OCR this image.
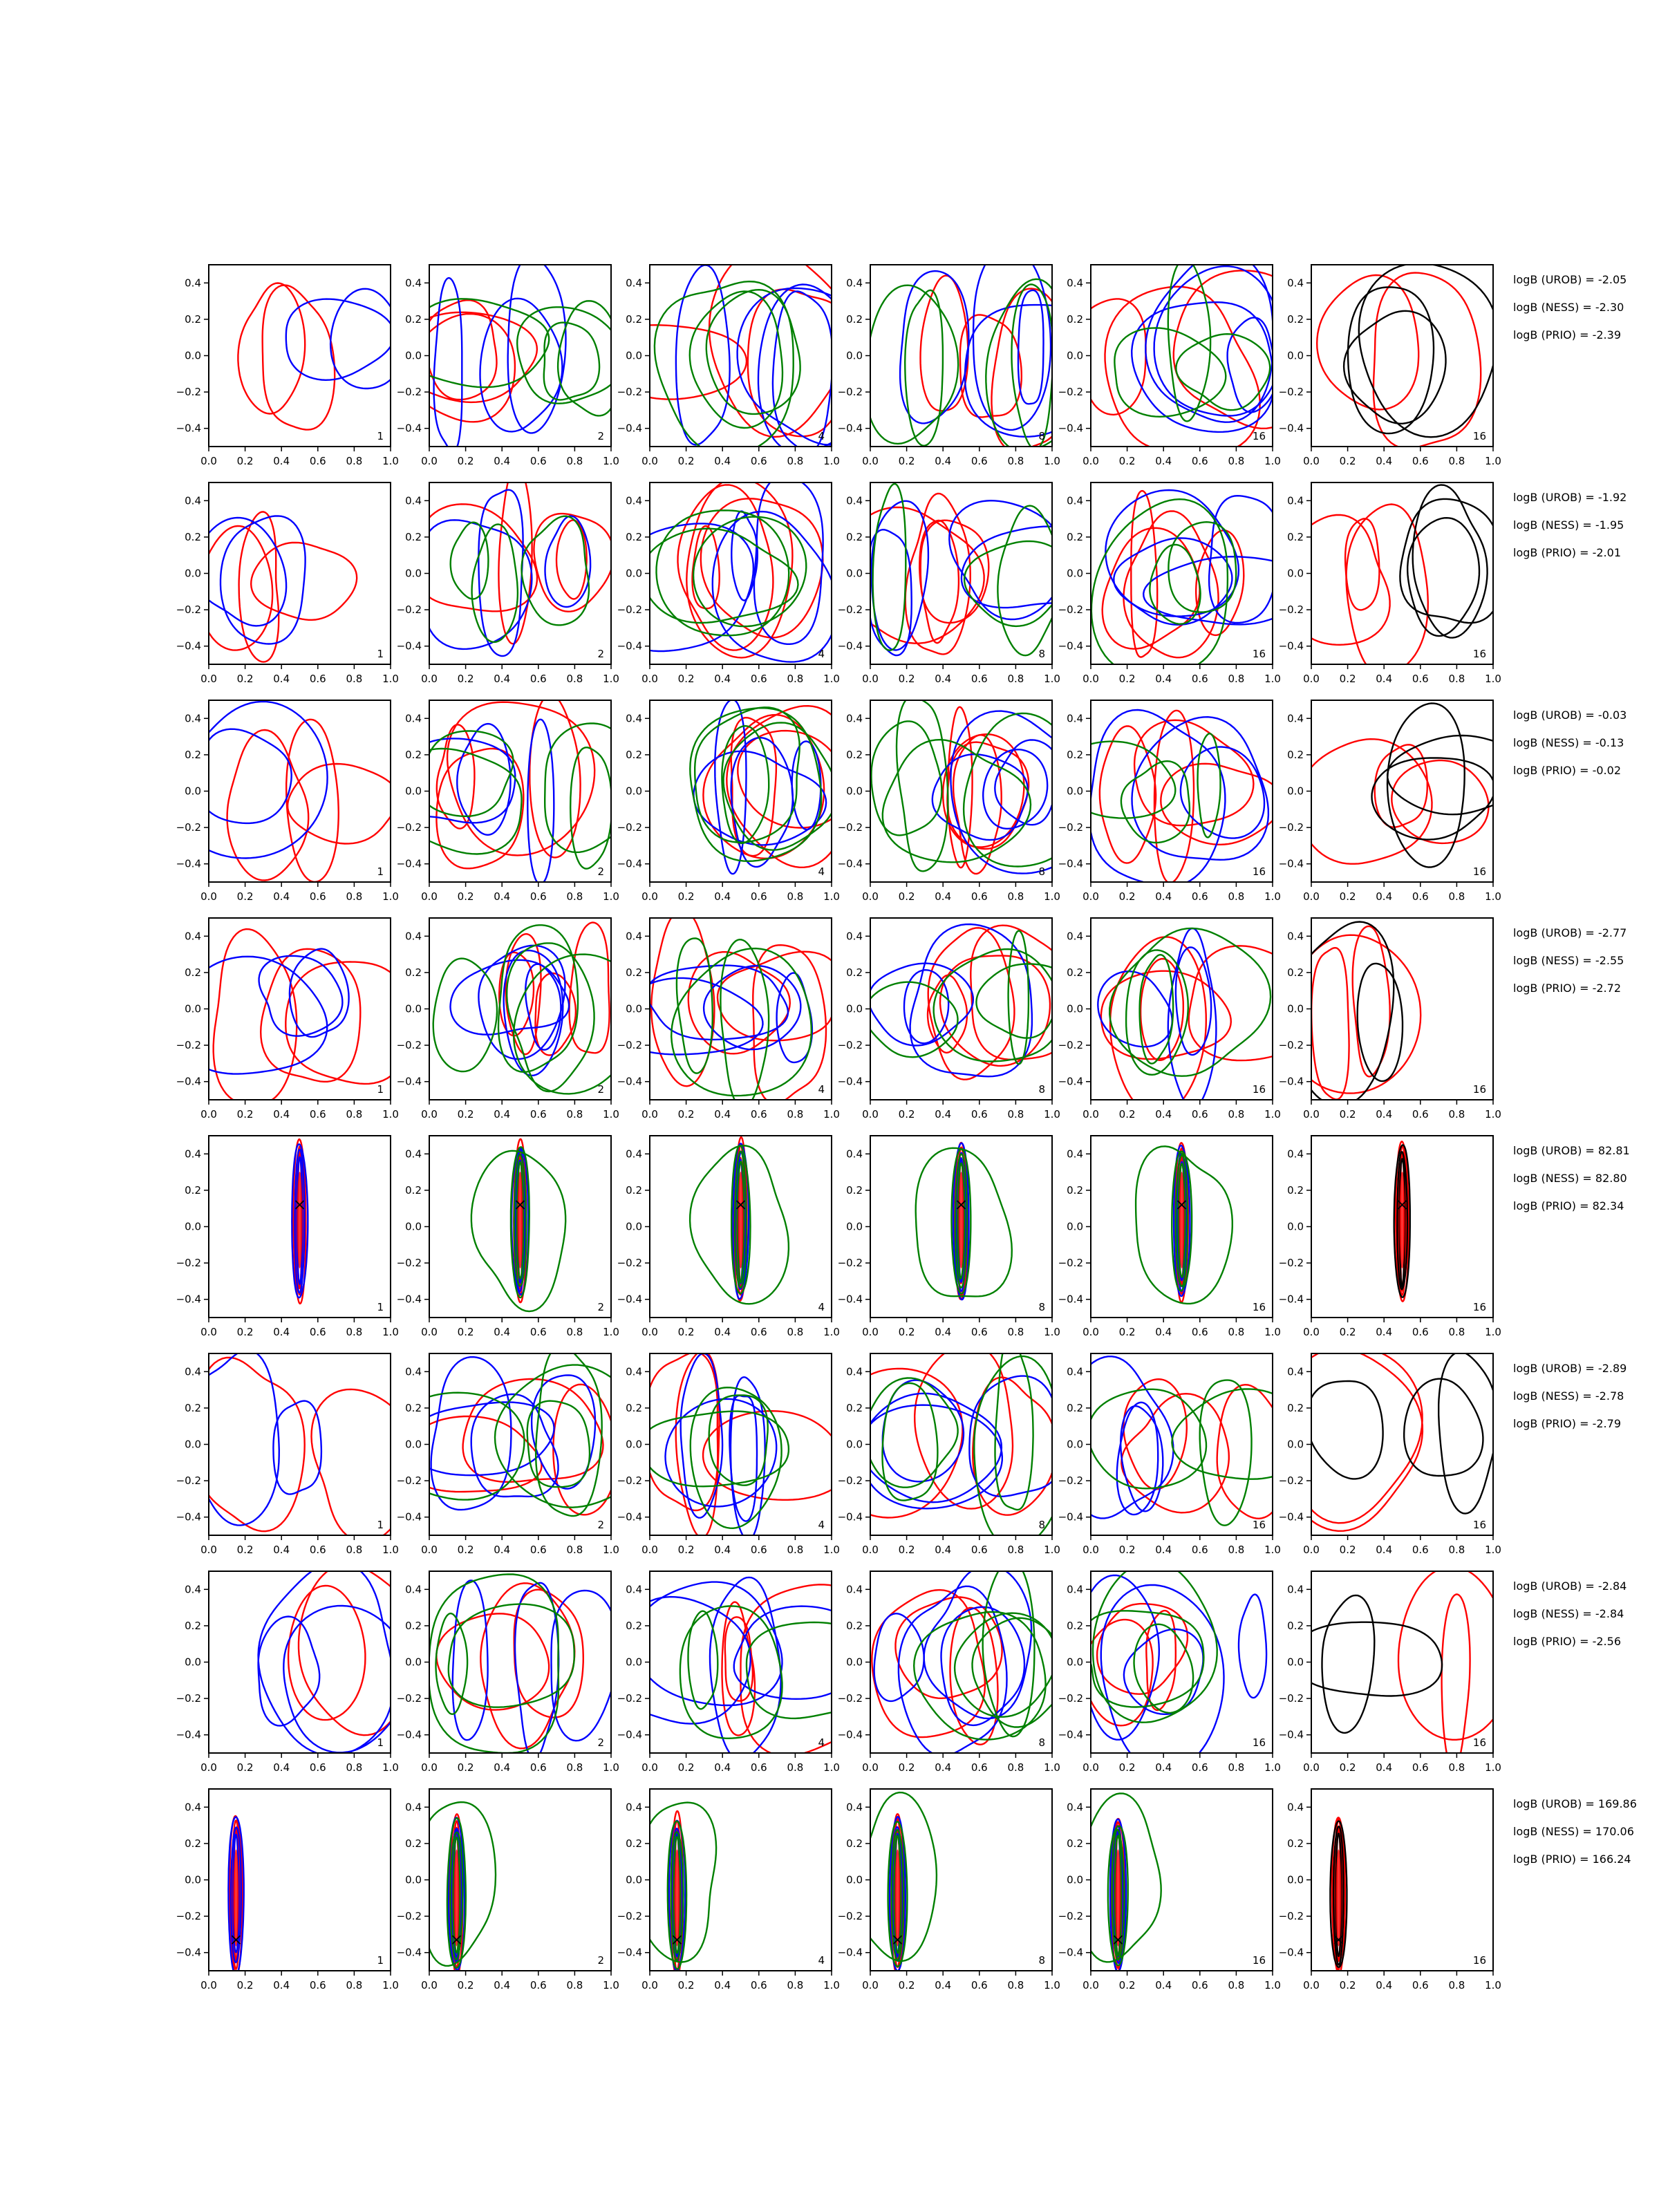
0.0 0.2 0.4 0.6 0.8 1.0
0.4
0.2
0.0
−0.2
−0.4
1
0.0 0.2 0.4 0.6 0.8 1.0
0.4
0.2
0.0
−0.2
−0.4
2
0.0 0.2 0.4 0.6 0.8 1.0
0.4
0.2
0.0
−0.2
−0.4
4
0.0 0.2 0.4 0.6 0.8 1.0
0.4
0.2
0.0
−0.2
−0.4
8
0.0 0.2 0.4 0.6 0.8 1.0
0.4
0.2
0.0
−0.2
−0.4
16
0.0 0.2 0.4 0.6 0.8 1.0
0.4
0.2
0.0
−0.2
−0.4
16
logB (UROB) = -2.05
logB (NESS) = -2.30
logB (PRIO) = -2.39
0.0 0.2 0.4 0.6 0.8 1.0
0.4
0.2
0.0
−0.2
−0.4
1
0.0 0.2 0.4 0.6 0.8 1.0
0.4
0.2
0.0
−0.2
−0.4
2
0.0 0.2 0.4 0.6 0.8 1.0
0.4
0.2
0.0
−0.2
−0.4
4
0.0 0.2 0.4 0.6 0.8 1.0
0.4
0.2
0.0
−0.2
−0.4
8
0.0 0.2 0.4 0.6 0.8 1.0
0.4
0.2
0.0
−0.2
−0.4
16
0.0 0.2 0.4 0.6 0.8 1.0
0.4
0.2
0.0
−0.2
−0.4
16
logB (UROB) = -1.92
logB (NESS) = -1.95
logB (PRIO) = -2.01
0.0 0.2 0.4 0.6 0.8 1.0
0.4
0.2
0.0
−0.2
−0.4
1
0.0 0.2 0.4 0.6 0.8 1.0
0.4
0.2
0.0
−0.2
−0.4
2
0.0 0.2 0.4 0.6 0.8 1.0
0.4
0.2
0.0
−0.2
−0.4
4
0.0 0.2 0.4 0.6 0.8 1.0
0.4
0.2
0.0
−0.2
−0.4
8
0.0 0.2 0.4 0.6 0.8 1.0
0.4
0.2
0.0
−0.2
−0.4
16
0.0 0.2 0.4 0.6 0.8 1.0
0.4
0.2
0.0
−0.2
−0.4
16
logB (UROB) = -0.03
logB (NESS) = -0.13
logB (PRIO) = -0.02
0.0 0.2 0.4 0.6 0.8 1.0
0.4
0.2
0.0
−0.2
−0.4
1
0.0 0.2 0.4 0.6 0.8 1.0
0.4
0.2
0.0
−0.2
−0.4
2
0.0 0.2 0.4 0.6 0.8 1.0
0.4
0.2
0.0
−0.2
−0.4
4
0.0 0.2 0.4 0.6 0.8 1.0
0.4
0.2
0.0
−0.2
−0.4
8
0.0 0.2 0.4 0.6 0.8 1.0
0.4
0.2
0.0
−0.2
−0.4
16
0.0 0.2 0.4 0.6 0.8 1.0
0.4
0.2
0.0
−0.2
−0.4
16
logB (UROB) = -2.77
logB (NESS) = -2.55
logB (PRIO) = -2.72
0.0 0.2 0.4 0.6 0.8 1.0
0.4
0.2
0.0
−0.2
−0.4
1
0.0 0.2 0.4 0.6 0.8 1.0
0.4
0.2
0.0
−0.2
−0.4
2
0.0 0.2 0.4 0.6 0.8 1.0
0.4
0.2
0.0
−0.2
−0.4
4
0.0 0.2 0.4 0.6 0.8 1.0
0.4
0.2
0.0
−0.2
−0.4
8
0.0 0.2 0.4 0.6 0.8 1.0
0.4
0.2
0.0
−0.2
−0.4
16
0.0 0.2 0.4 0.6 0.8 1.0
0.4
0.2
0.0
−0.2
−0.4
16
logB (UROB) = 82.81
logB (NESS) = 82.80
logB (PRIO) = 82.34
0.0 0.2 0.4 0.6 0.8 1.0
0.4
0.2
0.0
−0.2
−0.4
1
0.0 0.2 0.4 0.6 0.8 1.0
0.4
0.2
0.0
−0.2
−0.4
2
0.0 0.2 0.4 0.6 0.8 1.0
0.4
0.2
0.0
−0.2
−0.4
4
0.0 0.2 0.4 0.6 0.8 1.0
0.4
0.2
0.0
−0.2
−0.4
8
0.0 0.2 0.4 0.6 0.8 1.0
0.4
0.2
0.0
−0.2
−0.4
16
0.0 0.2 0.4 0.6 0.8 1.0
0.4
0.2
0.0
−0.2
−0.4
16
logB (UROB) = -2.89
logB (NESS) = -2.78
logB (PRIO) = -2.79
0.0 0.2 0.4 0.6 0.8 1.0
0.4
0.2
0.0
−0.2
−0.4
1
0.0 0.2 0.4 0.6 0.8 1.0
0.4
0.2
0.0
−0.2
−0.4
2
0.0 0.2 0.4 0.6 0.8 1.0
0.4
0.2
0.0
−0.2
−0.4
4
0.0 0.2 0.4 0.6 0.8 1.0
0.4
0.2
0.0
−0.2
−0.4
8
0.0 0.2 0.4 0.6 0.8 1.0
0.4
0.2
0.0
−0.2
−0.4
16
0.0 0.2 0.4 0.6 0.8 1.0
0.4
0.2
0.0
−0.2
−0.4
16
logB (UROB) = -2.84
logB (NESS) = -2.84
logB (PRIO) = -2.56
0.0 0.2 0.4 0.6 0.8 1.0
0.4
0.2
0.0
−0.2
−0.4
1
0.0 0.2 0.4 0.6 0.8 1.0
0.4
0.2
0.0
−0.2
−0.4
2
0.0 0.2 0.4 0.6 0.8 1.0
0.4
0.2
0.0
−0.2
−0.4
4
0.0 0.2 0.4 0.6 0.8 1.0
0.4
0.2
0.0
−0.2
−0.4
8
0.0 0.2 0.4 0.6 0.8 1.0
0.4
0.2
0.0
−0.2
−0.4
16
0.0 0.2 0.4 0.6 0.8 1.0
0.4
0.2
0.0
−0.2
−0.4
16
logB (UROB) = 169.86
logB (NESS) = 170.06
logB (PRIO) = 166.24
